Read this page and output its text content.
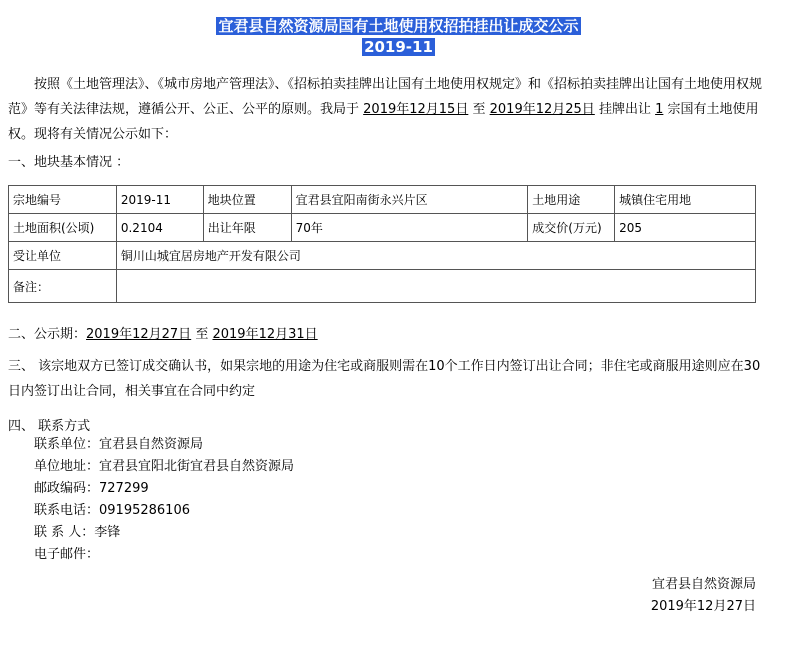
宜君县自然资源局国有土地使用权招拍挂出让成交公示
2019-11
按照《土地管理法》、《城市房地产管理法》、《招标拍卖挂牌出让国有土地使用权规定》和《招标拍卖挂牌出让国有土地使用权规范》等有关法律法规，遵循公开、公正、公平的原则。我局于 2019年12月15日 至 2019年12月25日 挂牌出让 1 宗国有土地使用权。现将有关情况公示如下：
一、地块基本情况 ：
宗地编号	2019-11	地块位置	宜君县宜阳南街永兴片区	土地用途	城镇住宅用地
土地面积(公顷)	0.2104	出让年限	70年	成交价(万元)	205
受让单位	铜川山城宜居房地产开发有限公司				
备注：					
二、公示期：2019年12月27日 至 2019年12月31日
三、 该宗地双方已签订成交确认书，如果宗地的用途为住宅或商服则需在10个工作日内签订出让合同；非住宅或商服用途则应在30日内签订出让合同，相关事宜在合同中约定
四、 联系方式
联系单位：宜君县自然资源局
单位地址：宜君县宜阳北街宜君县自然资源局
邮政编码：727299
联系电话：09195286106
联 系 人：李锋
电子邮件：
宜君县自然资源局
2019年12月27日
